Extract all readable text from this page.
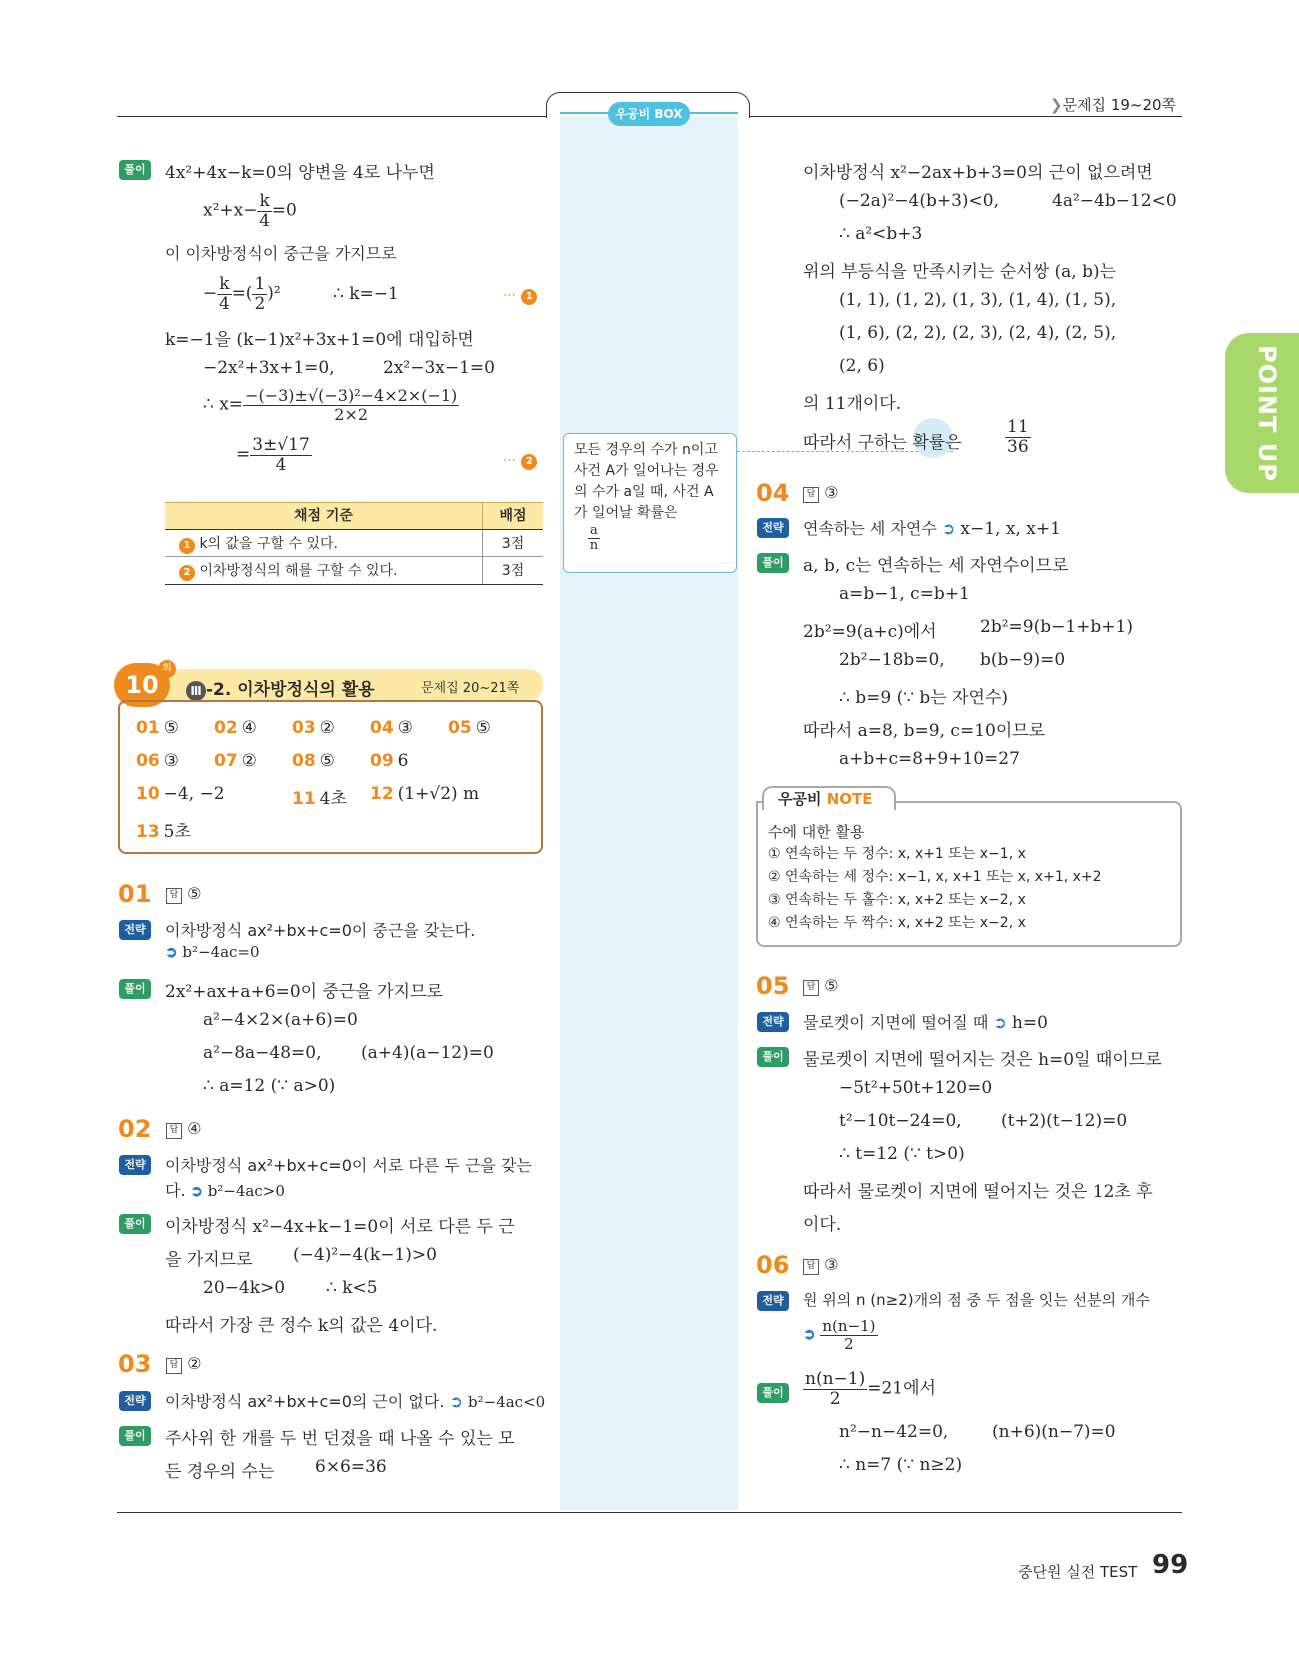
❯문제집 19~20쪽
우공비 BOX
POINT UP
풀이	4x²+4x−k=0의 양변을 4로 나누면
$x^2+x- \frac{k}{4} =0$
이 이차방정식이 중근을 가지므로
− $\frac{k}{4}$ =( $\frac{1}{2} )^2$	∴ k=−1	⋯ 1
k=−1을 (k−1)x²+3x+1=0에 대입하면
−2x²+3x+1=0,	2x²−3x−1=0
∴ $x= \frac{\text{−(−3)±√(−3)²−4×2×(−1)}}{2\times 2}$
= $\frac{3\pm√17}{4}$	⋯ 2
채점 기준	배점
1 k의 값을 구할 수 있다.	3점
2 이차방정식의 해를 구할 수 있다.	3점
10
회
Ⅲ -2. 이차방정식의 활용	문제집 20~21쪽
01 ⑤ 02 ④ 03 ② 04 ③ 05 ⑤
06 ③ 07 ② 08 ⑤ 09 6
10 −4, −2	11 4초 12 (1+√2) m
13 5초
01	답 ⑤
전략	이차방정식 ax²+bx+c=0이 중근을 갖는다.
➲ b²−4ac=0
풀이	2x²+ax+a+6=0이 중근을 가지므로
a²−4×2×(a+6)=0
a²−8a−48=0, (a+4)(a−12)=0
∴ a=12 (∵ a>0)
02	답 ④
전략	이차방정식 ax²+bx+c=0이 서로 다른 두 근을 갖는
다. ➲ b²−4ac>0
풀이	이차방정식 x²−4x+k−1=0이 서로 다른 두 근
을 가지므로 (−4)²−4(k−1)>0
20−4k>0 ∴ k<5
따라서 가장 큰 정수 k의 값은 4이다.
03	답 ②
전략	이차방정식 ax²+bx+c=0의 근이 없다. ➲ b²−4ac<0
풀이	주사위 한 개를 두 번 던졌을 때 나올 수 있는 모
든 경우의 수는 6×6=36
모든 경우의 수가 n이고
사건 A가 일어나는 경우
의 수가 a일 때, 사건 A
가 일어날 확률은
$\frac{a}{n}$
이차방정식 x²−2ax+b+3=0의 근이 없으려면
(−2a)²−4(b+3)<0,	4a²−4b−12<0
∴ a²<b+3
위의 부등식을 만족시키는 순서쌍 (a, b)는
(1, 1), (1, 2), (1, 3), (1, 4), (1, 5),
(1, 6), (2, 2), (2, 3), (2, 4), (2, 5),
(2, 6)
의 11개이다.
따라서 구하는 확률은	$\frac{11}{36}$
04	답 ③
전략	연속하는 세 자연수 ➲ x−1, x, x+1
풀이	a, b, c는 연속하는 세 자연수이므로
a=b−1, c=b+1
2b²=9(a+c)에서	2b²=9(b−1+b+1)
2b²−18b=0, b(b−9)=0
∴ b=9 (∵ b는 자연수)
따라서 a=8, b=9, c=10이므로
a+b+c=8+9+10=27
우공비 NOTE
수에 대한 활용
① 연속하는 두 정수: x, x+1 또는 x−1, x
② 연속하는 세 정수: x−1, x, x+1 또는 x, x+1, x+2
③ 연속하는 두 홀수: x, x+2 또는 x−2, x
④ 연속하는 두 짝수: x, x+2 또는 x−2, x
05	답 ⑤
전략	물로켓이 지면에 떨어질 때 ➲ h=0
풀이	물로켓이 지면에 떨어지는 것은 h=0일 때이므로
−5t²+50t+120=0
t²−10t−24=0, (t+2)(t−12)=0
∴ t=12 (∵ t>0)
따라서 물로켓이 지면에 떨어지는 것은 12초 후
이다.
06	답 ③
전략	원 위의 n (n≥2)개의 점 중 두 점을 잇는 선분의 개수
➲ $\frac{n(n-1)}{2}$
풀이	$\frac{n(n-1)}{2} =21$에서
n²−n−42=0,	(n+6)(n−7)=0
∴ n=7 (∵ n≥2)
중단원 실전 TEST 99
